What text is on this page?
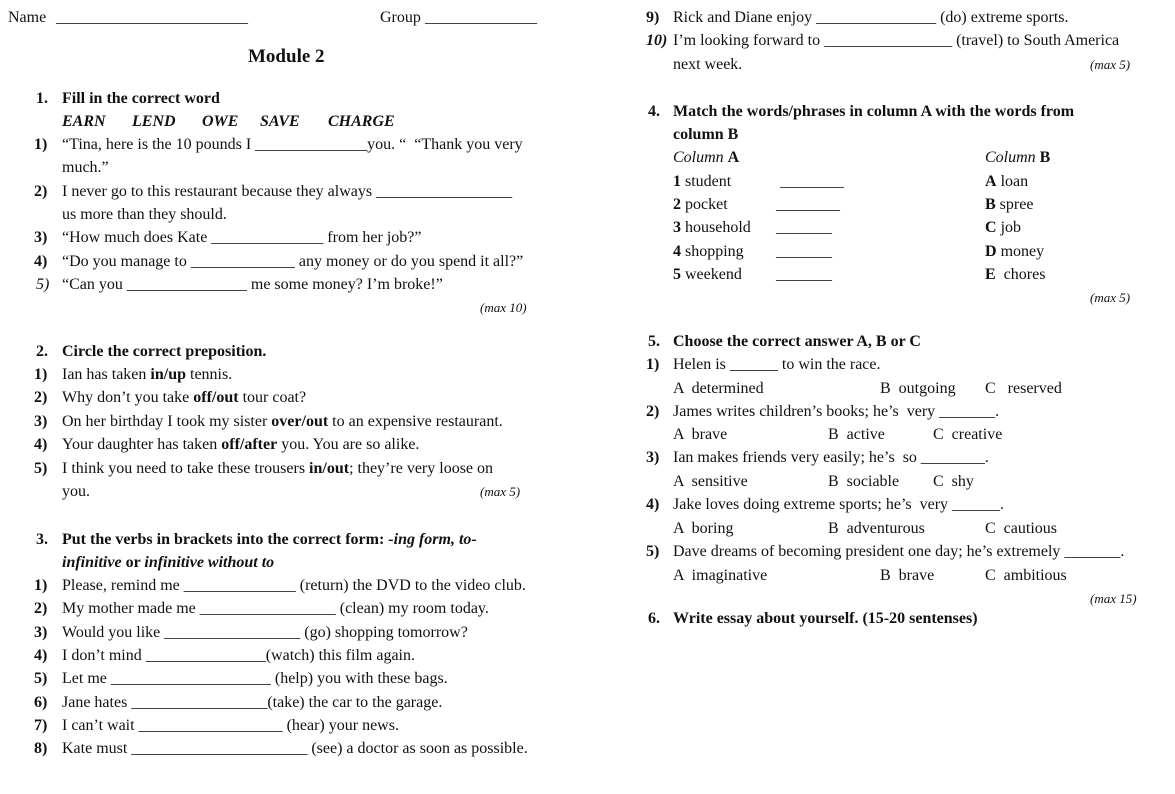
Name ________________________	Group ______________
Module 2
1. Fill in the correct word
EARN LEND OWE SAVE CHARGE
1) “Tina, here is the 10 pounds I ______________you. “  “Thank you very
much.”
2) I never go to this restaurant because they always _________________
us more than they should.
3) “How much does Kate ______________ from her job?”
4) “Do you manage to _____________ any money or do you spend it all?”
5) “Can you _______________ me some money? I’m broke!”
(max 10)
2. Circle the correct preposition.
1) Ian has taken in/up tennis.
2) Why don’t you take off/out tour coat?
3) On her birthday I took my sister over/out to an expensive restaurant.
4) Your daughter has taken off/after you. You are so alike.
5) I think you need to take these trousers in/out; they’re very loose on
you.	(max 5)
3. Put the verbs in brackets into the correct form: -ing form, to-
infinitive or infinitive without to
1) Please, remind me ______________ (return) the DVD to the video club.
2) My mother made me _________________ (clean) my room today.
3) Would you like _________________ (go) shopping tomorrow?
4) I don’t mind _______________(watch) this film again.
5) Let me ____________________ (help) you with these bags.
6) Jane hates _________________(take) the car to the garage.
7) I can’t wait __________________ (hear) your news.
8) Kate must ______________________ (see) a doctor as soon as possible.
9) Rick and Diane enjoy _______________ (do) extreme sports.
10) I’m looking forward to ________________ (travel) to South America
next week.	(max 5)
4. Match the words/phrases in column A with the words from
column B
Column A	Column B
1 student	________	A loan
2 pocket	________	B spree
3 household _______	C job
4 shopping _______	D money
5 weekend _______	E  chores
(max 5)
5. Choose the correct answer A, B or C
1) Helen is ______ to win the race.
A  determined	B  outgoing C   reserved
2) James writes children’s books; he’s  very _______.
A  brave	B  active	C  creative
3) Ian makes friends very easily; he’s  so ________.
A  sensitive	B  sociable C  shy
4) Jake loves doing extreme sports; he’s  very ______.
A  boring	B  adventurous	C  cautious
5) Dave dreams of becoming president one day; he’s extremely _______.
A  imaginative	B  brave	C  ambitious
(max 15)
6. Write essay about yourself. (15-20 sentenses)
